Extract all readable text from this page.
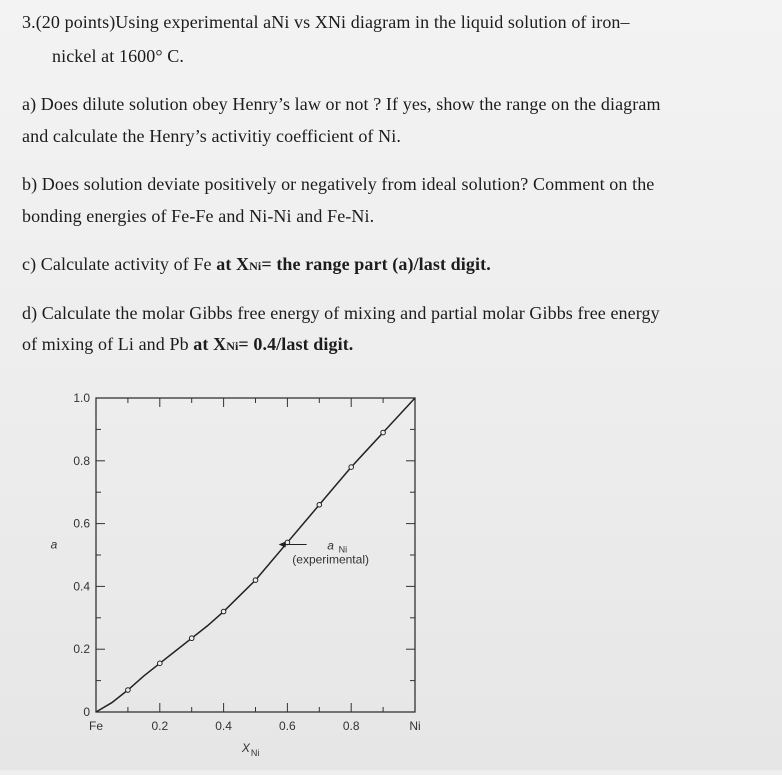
3.(20 points)Using experimental aNi vs XNi diagram in the liquid solution of iron–
nickel at 1600° C.
a) Does dilute solution obey Henry’s law or not ? If yes, show the range on the diagram
and calculate the Henry’s activitiy coefficient of Ni.
b) Does solution deviate positively or negatively from ideal solution? Comment on the
bonding energies of Fe-Fe and Ni-Ni and Fe-Ni.
c) Calculate activity of Fe at XNi= the range part (a)/last digit.
d) Calculate the molar Gibbs free energy of mixing and partial molar Gibbs free energy
of mixing of Li and Pb at XNi= 0.4/last digit.
0
0.2
0.4
0.6
0.8
1.0
Fe	0.2	0.4	0.6	0.8	Ni
a Ni
(experimental)
a
X Ni
